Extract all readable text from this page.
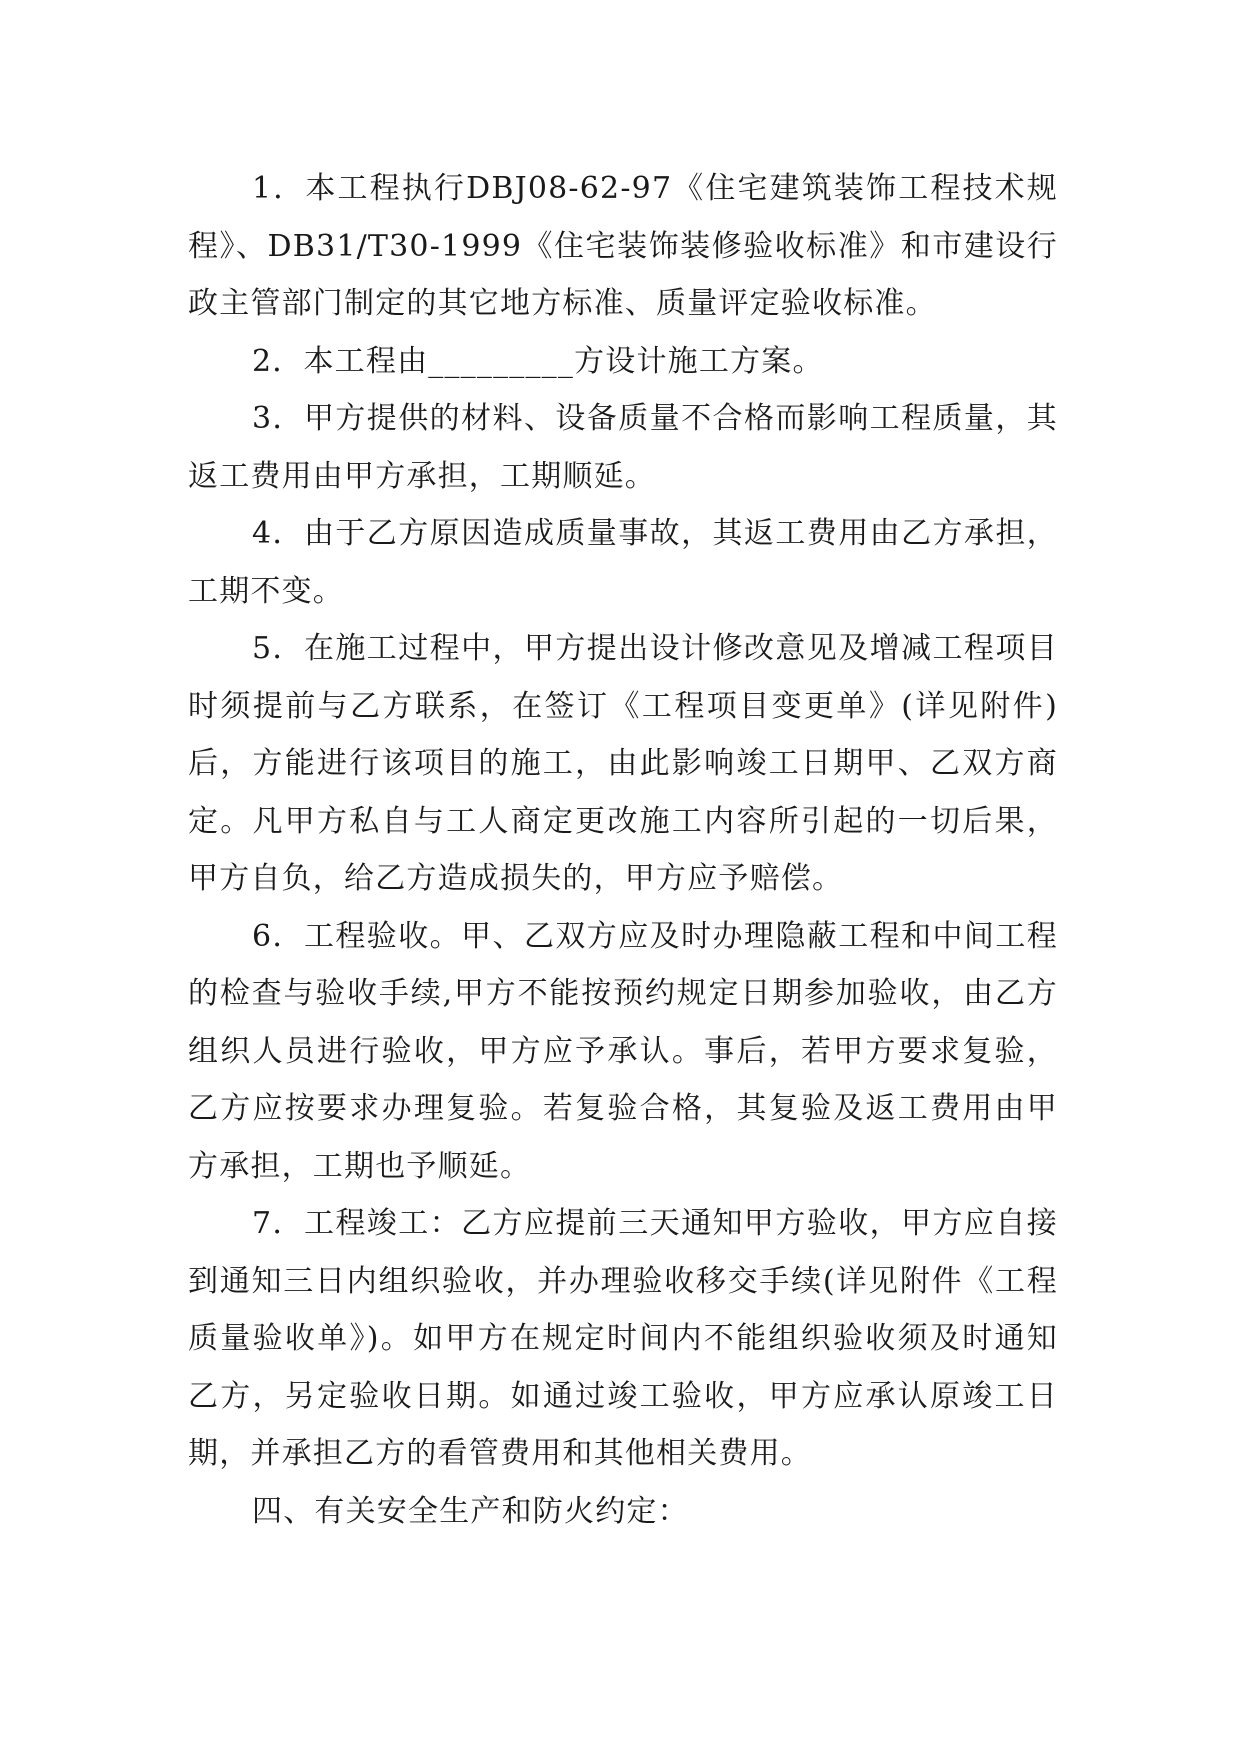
1．本工程执行DBJ08-62-97《住宅建筑装饰工程技术规程》、DB31/T30-1999《住宅装饰装修验收标准》和市建设行政主管部门制定的其它地方标准、质量评定验收标准。

2．本工程由_________方设计施工方案。

3．甲方提供的材料、设备质量不合格而影响工程质量，其返工费用由甲方承担，工期顺延。

4．由于乙方原因造成质量事故，其返工费用由乙方承担，工期不变。

5．在施工过程中，甲方提出设计修改意见及增减工程项目时须提前与乙方联系，在签订《工程项目变更单》(详见附件)后，方能进行该项目的施工，由此影响竣工日期甲、乙双方商定。凡甲方私自与工人商定更改施工内容所引起的一切后果，甲方自负，给乙方造成损失的，甲方应予赔偿。

6．工程验收。甲、乙双方应及时办理隐蔽工程和中间工程的检查与验收手续,甲方不能按预约规定日期参加验收，由乙方组织人员进行验收，甲方应予承认。事后，若甲方要求复验，乙方应按要求办理复验。若复验合格，其复验及返工费用由甲方承担，工期也予顺延。

7．工程竣工：乙方应提前三天通知甲方验收，甲方应自接到通知三日内组织验收，并办理验收移交手续(详见附件《工程质量验收单》)。如甲方在规定时间内不能组织验收须及时通知乙方，另定验收日期。如通过竣工验收，甲方应承认原竣工日期，并承担乙方的看管费用和其他相关费用。

四、有关安全生产和防火约定：
